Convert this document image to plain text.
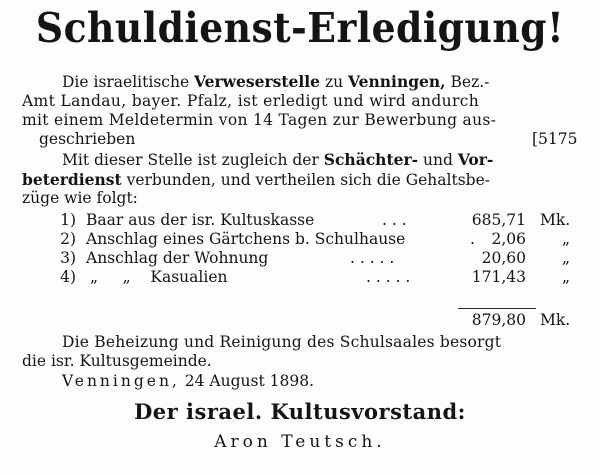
Schuldienst-Erledigung!
Die israelitische Verweserstelle zu Venningen, Bez.-
Amt Landau, bayer. Pfalz, ist erledigt und wird andurch
mit einem Meldetermin von 14 Tagen zur Bewerbung aus-
geschrieben	[5175
Mit dieser Stelle ist zugleich der Schächter- und Vor-
beterdienst verbunden, und vertheilen sich die Gehaltsbe-
züge wie folgt:
1) Baar aus der isr. Kultuskasse	. . .	685,71 Mk.
2) Anschlag eines Gärtchens b. Schulhause	.	2,06 „
3) Anschlag der Wohnung	. . . . .	20,60 „
4) „     „    Kasualien	. . . . .	171,43 „
879,80 Mk.
Die Beheizung und Reinigung des Schulsaales besorgt
die isr. Kultusgemeinde.
Venningen, 24 August 1898.
Der israel. Kultusvorstand:
Aron Teutsch.
